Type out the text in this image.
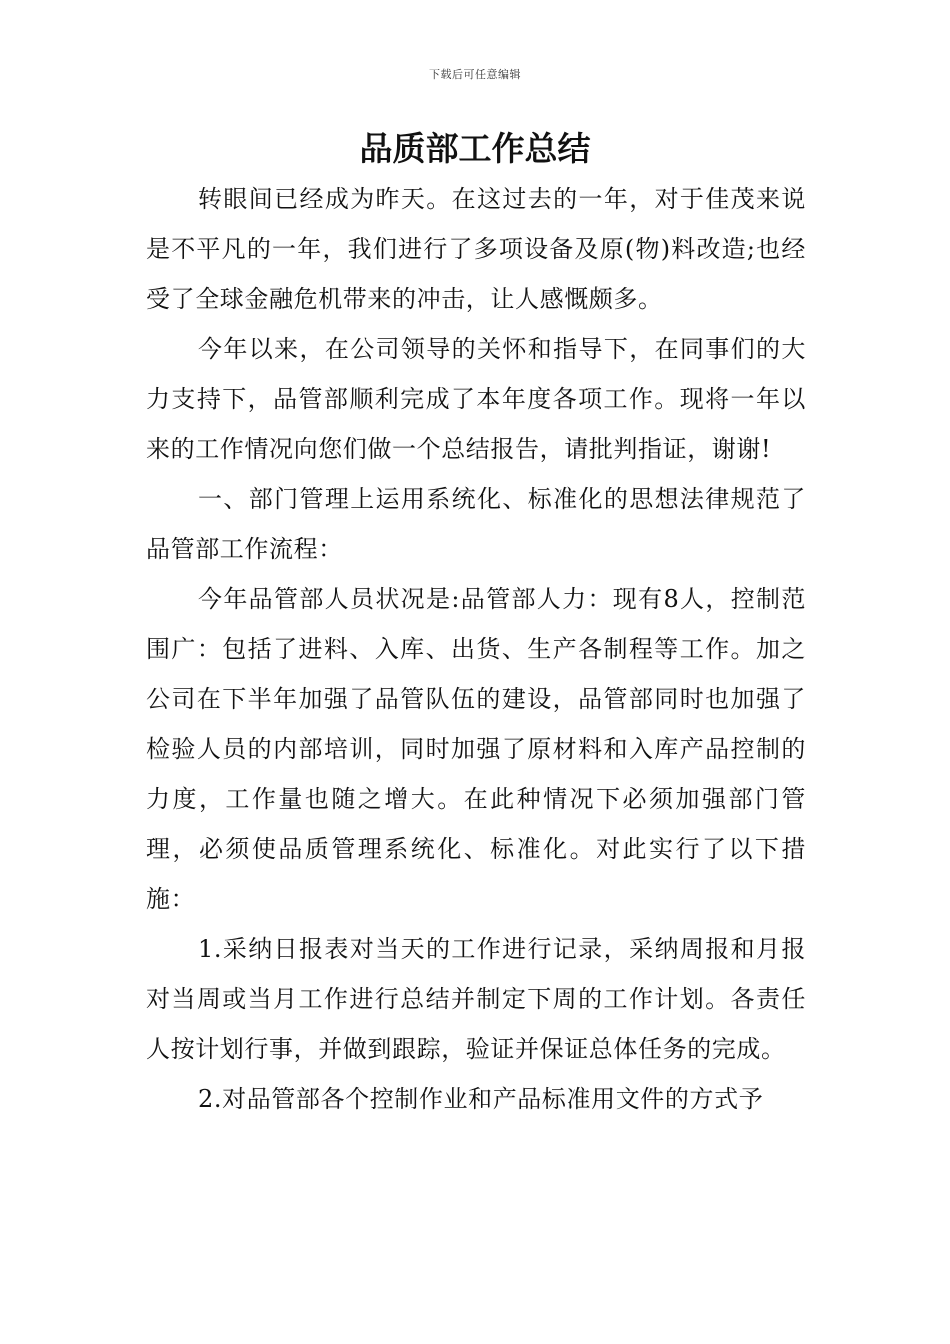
下载后可任意编辑
品质部工作总结

转眼间已经成为昨天。在这过去的一年，对于佳茂来说是不平凡的一年，我们进行了多项设备及原(物)料改造;也经受了全球金融危机带来的冲击，让人感慨颇多。

今年以来，在公司领导的关怀和指导下，在同事们的大力支持下，品管部顺利完成了本年度各项工作。现将一年以来的工作情况向您们做一个总结报告，请批判指证，谢谢!

一、部门管理上运用系统化、标准化的思想法律规范了品管部工作流程：

今年品管部人员状况是:品管部人力：现有8人，控制范围广：包括了进料、入库、出货、生产各制程等工作。加之公司在下半年加强了品管队伍的建设，品管部同时也加强了检验人员的内部培训，同时加强了原材料和入库产品控制的力度，工作量也随之增大。在此种情况下必须加强部门管理，必须使品质管理系统化、标准化。对此实行了以下措施：

1.采纳日报表对当天的工作进行记录，采纳周报和月报对当周或当月工作进行总结并制定下周的工作计划。各责任人按计划行事，并做到跟踪，验证并保证总体任务的完成。

2.对品管部各个控制作业和产品标准用文件的方式予
